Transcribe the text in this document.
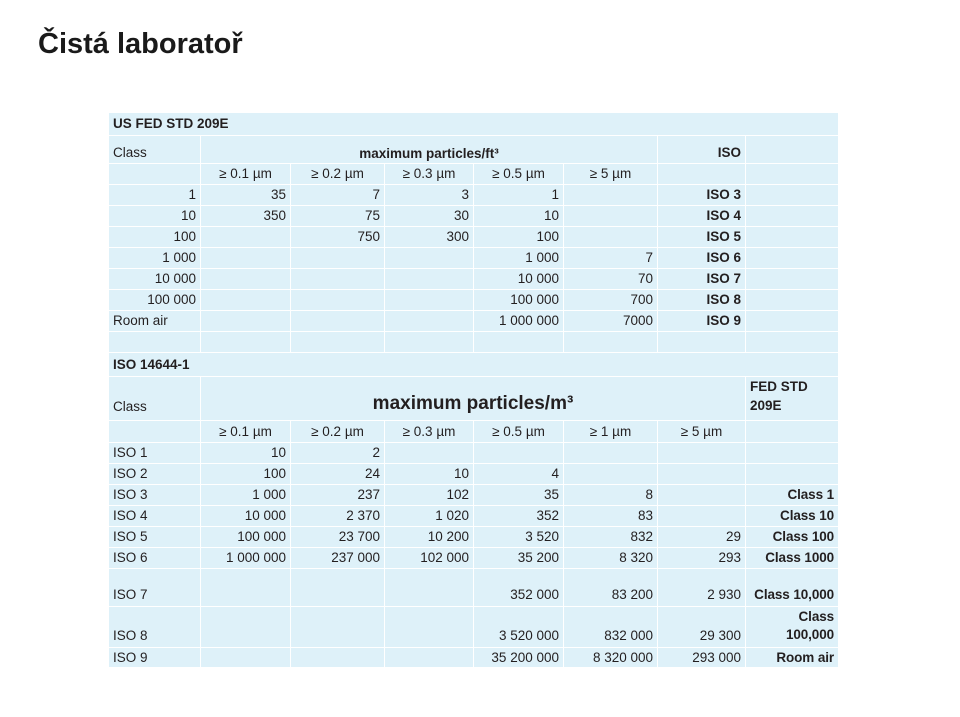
Čistá laboratoř
US FED STD 209E							
Class	maximum particles/ft³					ISO	
	≥ 0.1 µm	≥ 0.2 µm	≥ 0.3 µm	≥ 0.5 µm	≥ 5 µm		
1	35	7	3	1		ISO 3	
10	350	75	30	10		ISO 4	
100		750	300	100		ISO 5	
1 000				1 000	7	ISO 6	
10 000				10 000	70	ISO 7	
100 000				100 000	700	ISO 8	
Room air				1 000 000	7000	ISO 9	

ISO 14644-1							
Class	maximum particles/m³						FED STD 209E
	≥ 0.1 µm	≥ 0.2 µm	≥ 0.3 µm	≥ 0.5 µm	≥ 1 µm	≥ 5 µm	
ISO 1	10	2					
ISO 2	100	24	10	4			
ISO 3	1 000	237	102	35	8		Class 1
ISO 4	10 000	2 370	1 020	352	83		Class 10
ISO 5	100 000	23 700	10 200	3 520	832	29	Class 100
ISO 6	1 000 000	237 000	102 000	35 200	8 320	293	Class 1000
ISO 7				352 000	83 200	2 930	Class 10,000
ISO 8				3 520 000	832 000	29 300	Class 100,000
ISO 9				35 200 000	8 320 000	293 000	Room air
